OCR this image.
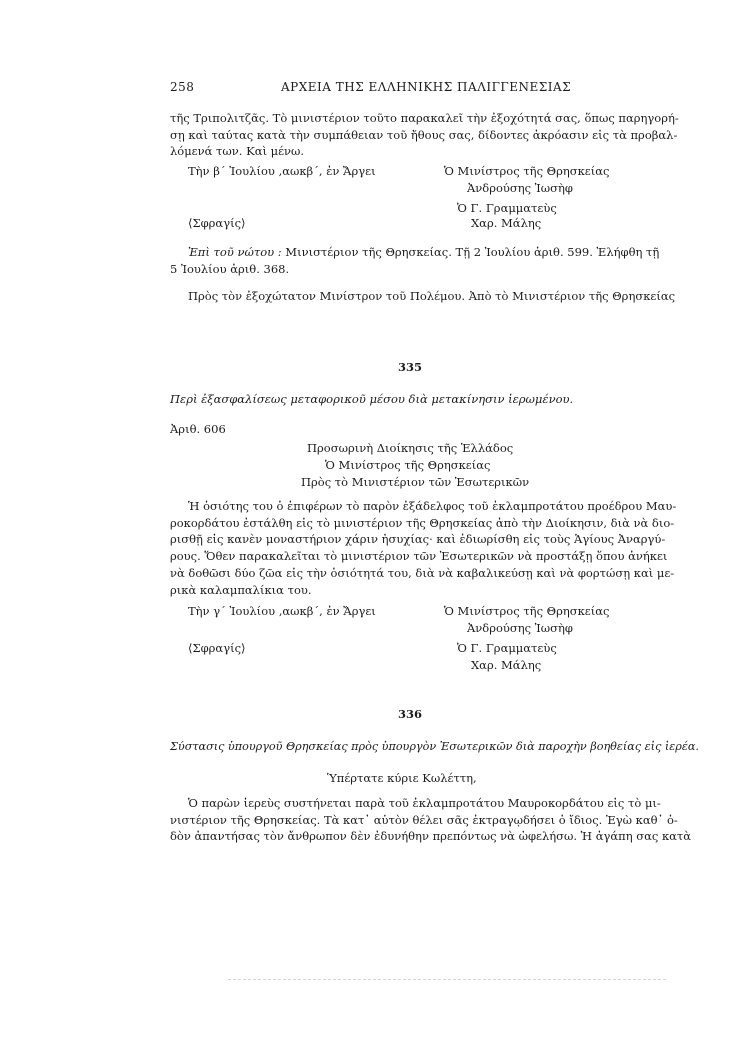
258	ΑΡΧΕΙΑ ΤΗΣ ΕΛΛΗΝΙΚΗΣ ΠΑΛΙΓΓΕΝΕΣΙΑΣ

τῆς Τριπολιτζᾶς. Τὸ μινιστέριον τοῦτο παρακαλεῖ τὴν ἐξοχότητά σας, ὅπως παρηγορή-

σῃ καὶ ταύτας κατὰ τὴν συμπάθειαν τοῦ ἤθους σας, δίδοντες ἀκρόασιν εἰς τὰ προβαλ-

λόμενά των. Καὶ μένω.

Τὴν β΄ Ἰουλίου ‚αωκβ΄, ἐν Ἄργει	Ὁ Μινίστρος τῆς Θρησκείας
Ἀνδρούσης Ἰωσὴφ
Ὁ Γ. Γραμματεὺς
⟨Σφραγίς⟩	Χαρ. Μάλης
Ἐπὶ τοῦ νώτου : Μινιστέριον τῆς Θρησκείας. Τῇ 2 Ἰουλίου ἀριθ. 599. Ἐλήφθη τῇ
5 Ἰουλίου ἀριθ. 368.
Πρὸς τὸν ἐξοχώτατον Μινίστρον τοῦ Πολέμου. Ἀπὸ τὸ Μινιστέριον τῆς Θρησκείας
335
Περὶ ἐξασφαλίσεως μεταφορικοῦ μέσου διὰ μετακίνησιν ἱερωμένου.
Ἀριθ. 606
Προσωρινὴ Διοίκησις τῆς Ἑλλάδος
Ὁ Μινίστρος τῆς Θρησκείας
Πρὸς τὸ Μινιστέριον τῶν Ἐσωτερικῶν

Ἡ ὁσιότης του ὁ ἐπιφέρων τὸ παρὸν ἐξάδελφος τοῦ ἐκλαμπροτάτου προέδρου Μαυ-

ροκορδάτου ἐστάλθη εἰς τὸ μινιστέριον τῆς Θρησκείας ἀπὸ τὴν Διοίκησιν, διὰ νὰ διο-

ρισθῇ εἰς κανὲν μοναστήριον χάριν ἡσυχίας· καὶ ἐδιωρίσθη εἰς τοὺς Ἁγίους Ἀναργύ-

ρους. Ὅθεν παρακαλεῖται τὸ μινιστέριον τῶν Ἐσωτερικῶν νὰ προστάξῃ ὅπου ἀνήκει

νὰ δοθῶσι δύο ζῶα εἰς τὴν ὁσιότητά του, διὰ νὰ καβαλικεύσῃ καὶ νὰ φορτώσῃ καὶ με-

ρικὰ καλαμπαλίκια του.

Τὴν γ΄ Ἰουλίου ‚αωκβ΄, ἐν Ἄργει	Ὁ Μινίστρος τῆς Θρησκείας
Ἀνδρούσης Ἰωσὴφ
⟨Σφραγίς⟩	Ὁ Γ. Γραμματεὺς
Χαρ. Μάλης
336
Σύστασις ὑπουργοῦ Θρησκείας πρὸς ὑπουργὸν Ἐσωτερικῶν διὰ παροχὴν βοηθείας εἰς ἱερέα.
Ὑπέρτατε κύριε Κωλέττη,

Ὁ παρὼν ἱερεὺς συστήνεται παρὰ τοῦ ἐκλαμπροτάτου Μαυροκορδάτου εἰς τὸ μι-

νιστέριον τῆς Θρησκείας. Τὰ κατ᾿ αὐτὸν θέλει σᾶς ἐκτραγῳδήσει ὁ ἴδιος. Ἐγὼ καθ᾿ ὁ-

δὸν ἀπαντήσας τὸν ἄνθρωπον δὲν ἐδυνήθην πρεπόντως νὰ ὠφελήσω. Ἡ ἀγάπη σας κατὰ
